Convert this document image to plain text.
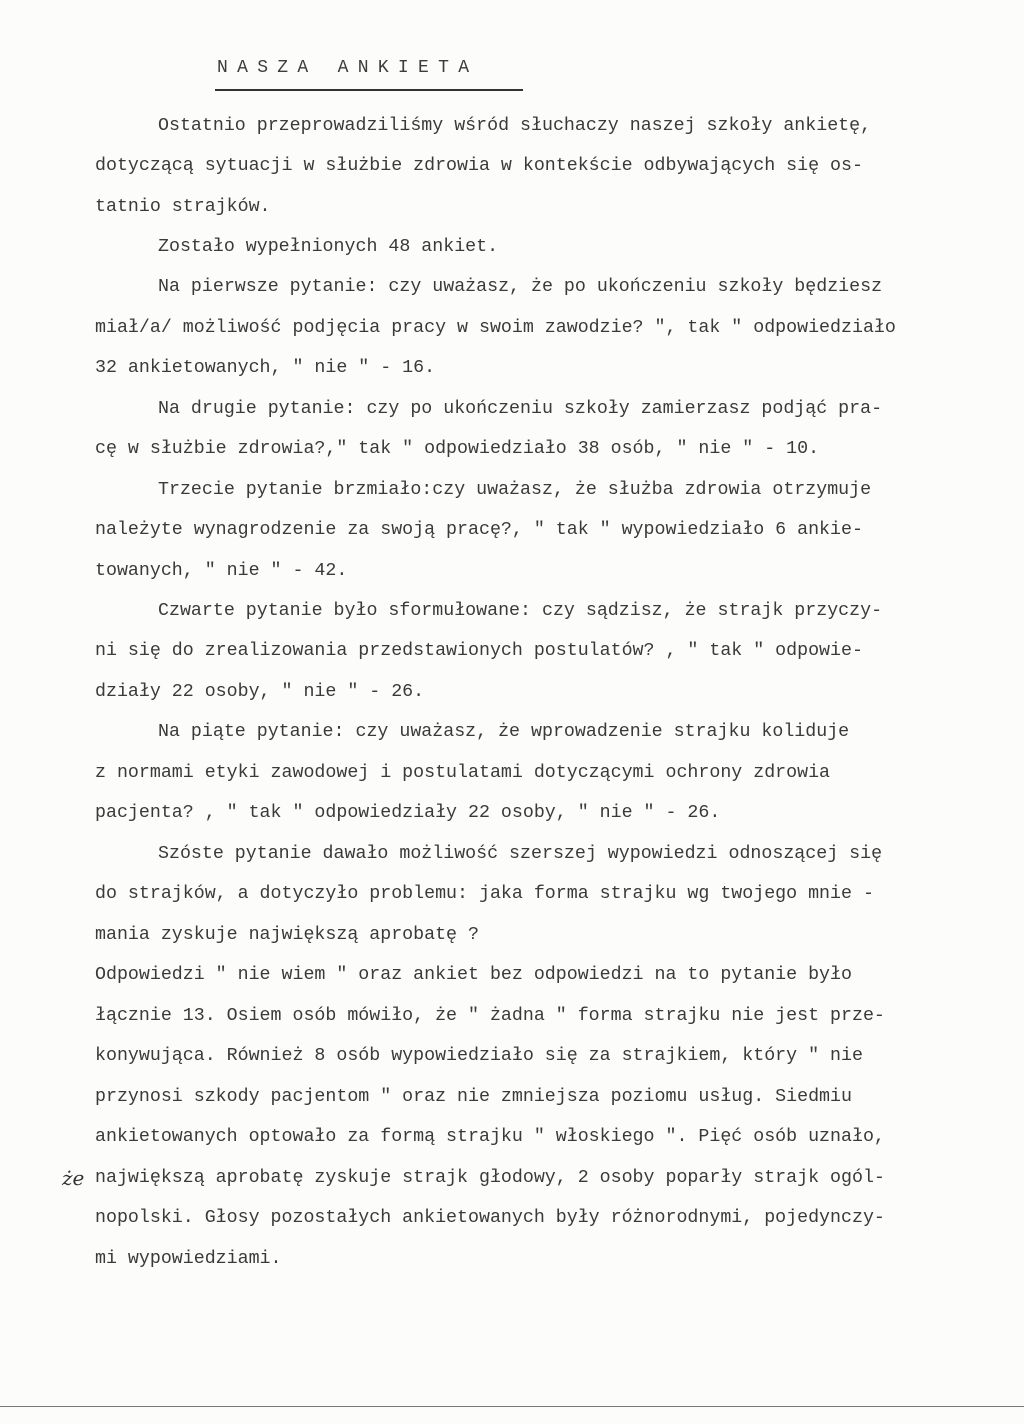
NASZA ANKIETA
Ostatnio przeprowadziliśmy wśród słuchaczy naszej szkoły ankietę,
dotyczącą sytuacji w służbie zdrowia w kontekście odbywających się os-
tatnio strajków.
Zostało wypełnionych 48 ankiet.
Na pierwsze pytanie: czy uważasz, że po ukończeniu szkoły będziesz
miał/a/ możliwość podjęcia pracy w swoim zawodzie? ", tak " odpowiedziało
32 ankietowanych, " nie " - 16.
Na drugie pytanie: czy po ukończeniu szkoły zamierzasz podjąć pra-
cę w służbie zdrowia?," tak " odpowiedziało 38 osób, " nie " - 10.
Trzecie pytanie brzmiało:czy uważasz, że służba zdrowia otrzymuje
należyte wynagrodzenie za swoją pracę?, " tak " wypowiedziało 6 ankie-
towanych, " nie " - 42.
Czwarte pytanie było sformułowane: czy sądzisz, że strajk przyczy-
ni się do zrealizowania przedstawionych postulatów? , " tak " odpowie-
działy 22 osoby, " nie " - 26.
Na piąte pytanie: czy uważasz, że wprowadzenie strajku koliduje
z normami etyki zawodowej i postulatami dotyczącymi ochrony zdrowia
pacjenta? , " tak " odpowiedziały 22 osoby, " nie " - 26.
Szóste pytanie dawało możliwość szerszej wypowiedzi odnoszącej się
do strajków, a dotyczyło problemu: jaka forma strajku wg twojego mnie -
mania zyskuje największą aprobatę ?
Odpowiedzi " nie wiem " oraz ankiet bez odpowiedzi na to pytanie było
łącznie 13. Osiem osób mówiło, że " żadna " forma strajku nie jest prze-
konywująca. Również 8 osób wypowiedziało się za strajkiem, który " nie
przynosi szkody pacjentom " oraz nie zmniejsza poziomu usług. Siedmiu
ankietowanych optowało za formą strajku " włoskiego ". Pięć osób uznało,
największą aprobatę zyskuje strajk głodowy, 2 osoby poparły strajk ogól-
nopolski. Głosy pozostałych ankietowanych były różnorodnymi, pojedynczy-
mi wypowiedziami.
że
